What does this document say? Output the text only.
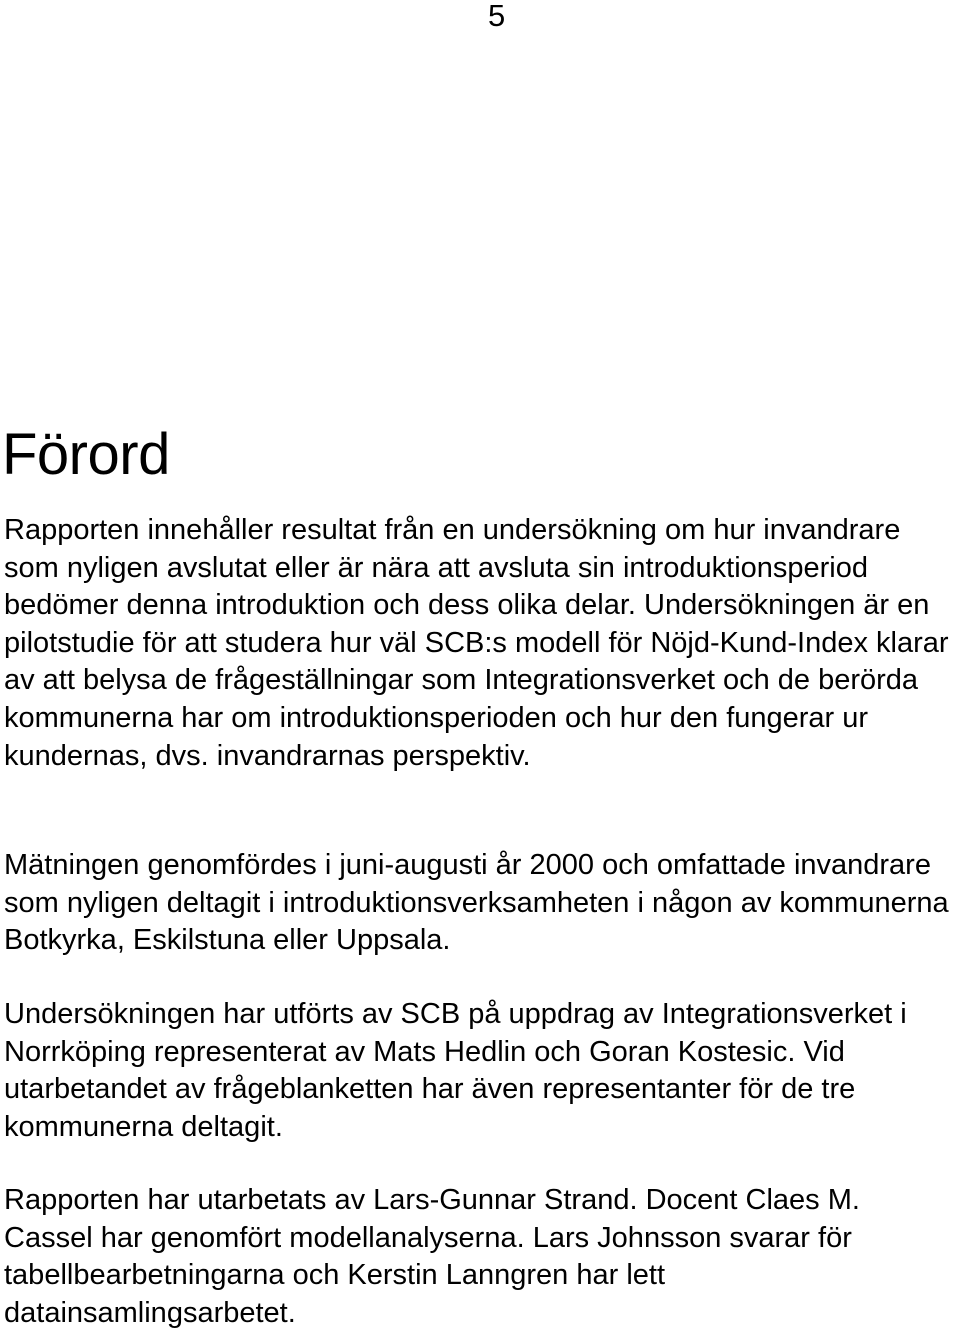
5
Förord

Rapporten innehåller resultat från en undersökning om hur invandrare som nyligen avslutat eller är nära att avsluta sin introduktionsperiod bedömer denna introduktion och dess olika delar. Undersökningen är en pilotstudie för att studera hur väl SCB:s modell för Nöjd-Kund-Index klarar av att belysa de frågeställningar som Integrationsverket och de berörda kommunerna har om introduktionsperioden och hur den fungerar ur kundernas, dvs. invandrarnas perspektiv.

Mätningen genomfördes i juni-augusti år 2000 och omfattade invandrare som nyligen deltagit i introduktionsverksamheten i någon av kommunerna Botkyrka, Eskilstuna eller Uppsala.

Undersökningen har utförts av SCB på uppdrag av Integrationsverket i Norrköping representerat av Mats Hedlin och Goran Kostesic. Vid utarbetandet av frågeblanketten har även representanter för de tre kommunerna deltagit.

Rapporten har utarbetats av Lars-Gunnar Strand. Docent Claes M. Cassel har genomfört modellanalyserna. Lars Johnsson svarar för tabellbearbetningarna och Kerstin Lanngren har lett datainsamlingsarbetet.
